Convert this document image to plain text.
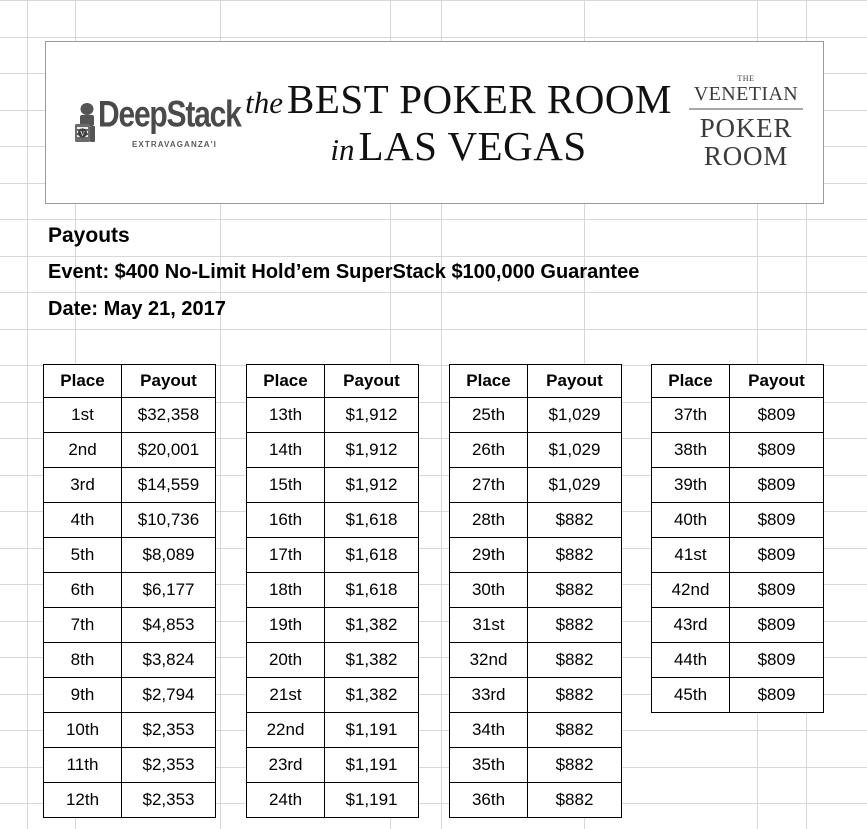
V DeepStack
EXTRAVAGANZA'I
theBEST POKER ROOM
inLAS VEGAS
THE
VENETIAN
POKER
ROOM
Payouts
Event: $400 No-Limit Hold’em SuperStack $100,000 Guarantee
Date: May 21, 2017
Place	Payout
1st	$32,358
2nd	$20,001
3rd	$14,559
4th	$10,736
5th	$8,089
6th	$6,177
7th	$4,853
8th	$3,824
9th	$2,794
10th	$2,353
11th	$2,353
12th	$2,353
Place	Payout
13th	$1,912
14th	$1,912
15th	$1,912
16th	$1,618
17th	$1,618
18th	$1,618
19th	$1,382
20th	$1,382
21st	$1,382
22nd	$1,191
23rd	$1,191
24th	$1,191
Place	Payout
25th	$1,029
26th	$1,029
27th	$1,029
28th	$882
29th	$882
30th	$882
31st	$882
32nd	$882
33rd	$882
34th	$882
35th	$882
36th	$882
Place	Payout
37th	$809
38th	$809
39th	$809
40th	$809
41st	$809
42nd	$809
43rd	$809
44th	$809
45th	$809
